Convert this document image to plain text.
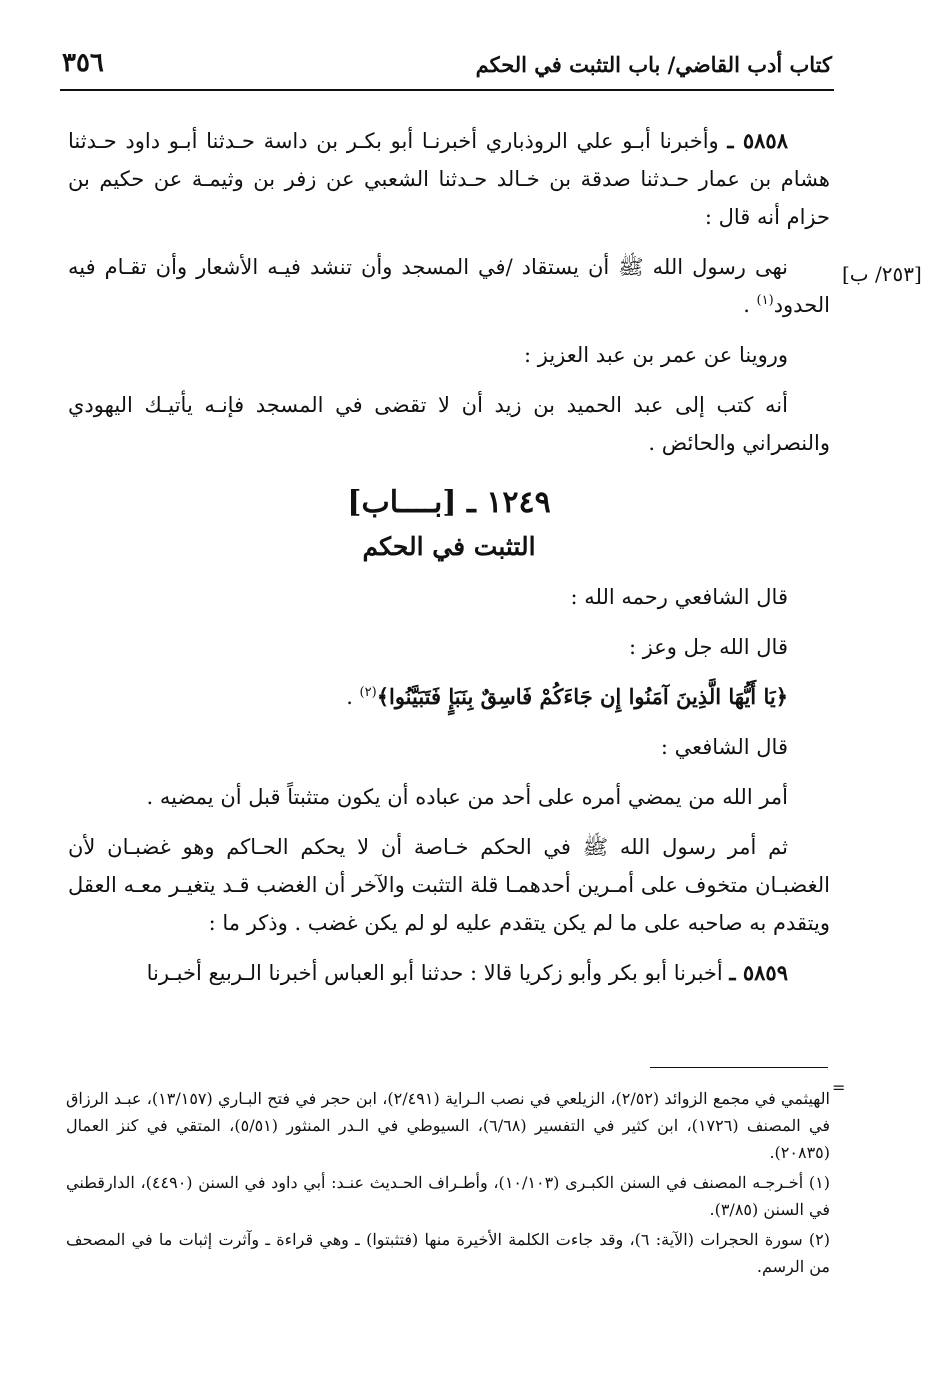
كتاب أدب القاضي/ باب التثبت في الحكم
٣٥٦
[٢٥٣/ ب]

٥٨٥٨ ـ وأخبرنا أبـو علي الروذباري أخبرنـا أبو بكـر بن داسة حـدثنا أبـو داود حـدثنا هشام بن عمار حـدثنا صدقة بن خـالد حـدثنا الشعبي عن زفر بن وثيمـة عن حكيم بن حزام أنه قال :

نهى رسول الله ﷺ أن يستقاد /في المسجد وأن تنشد فيـه الأشعار وأن تقـام فيه الحدود$^{(١)}$ .

وروينا عن عمر بن عبد العزيز :

أنه كتب إلى عبد الحميد بن زيد أن لا تقضى في المسجد فإنـه يأتيـك اليهودي والنصراني والحائض .

١٢٤٩ ـ [بــــاب]
التثبت في الحكم

قال الشافعي رحمه الله :

قال الله جل وعز :

﴿يَا أَيُّهَا الَّذِينَ آمَنُوا إِن جَاءَكُمْ فَاسِقٌ بِنَبَإٍ فَتَبَيَّنُوا﴾$^{(٢)}$ .

قال الشافعي :

أمر الله من يمضي أمره على أحد من عباده أن يكون متثبتاً قبل أن يمضيه .

ثم أمر رسول الله ﷺ في الحكم خـاصة أن لا يحكم الحـاكم وهو غضبـان لأن الغضبـان متخوف على أمـرين أحدهمـا قلة التثبت والآخر أن الغضب قـد يتغيـر معـه العقل ويتقدم به صاحبه على ما لم يكن يتقدم عليه لو لم يكن غضب . وذكر ما :

٥٨٥٩ ـ أخبرنا أبو بكر وأبو زكريا قالا : حدثنا أبو العباس أخبرنا الـربيع أخبـرنا

=

الهيثمي في مجمع الزوائد (٢/٥٢)، الزيلعي في نصب الـراية (٢/٤٩١)، ابن حجر في فتح البـاري (١٣/١٥٧)، عبـد الرزاق في المصنف (١٧٢٦)، ابن كثير في التفسير (٦/٦٨)، السيوطي في الـدر المنثور (٥/٥١)، المتقي في كنز العمال (٢٠٨٣٥).

(١) أخـرجـه المصنف في السنن الكبـرى (١٠/١٠٣)، وأطـراف الحـديث عنـد: أبي داود في السنن (٤٤٩٠)، الدارقطني في السنن (٣/٨٥).

(٢) سورة الحجرات (الآية: ٦)، وقد جاءت الكلمة الأخيرة منها (فتثبتوا) ـ وهي قراءة ـ وآثرت إثبات ما في المصحف من الرسم.
